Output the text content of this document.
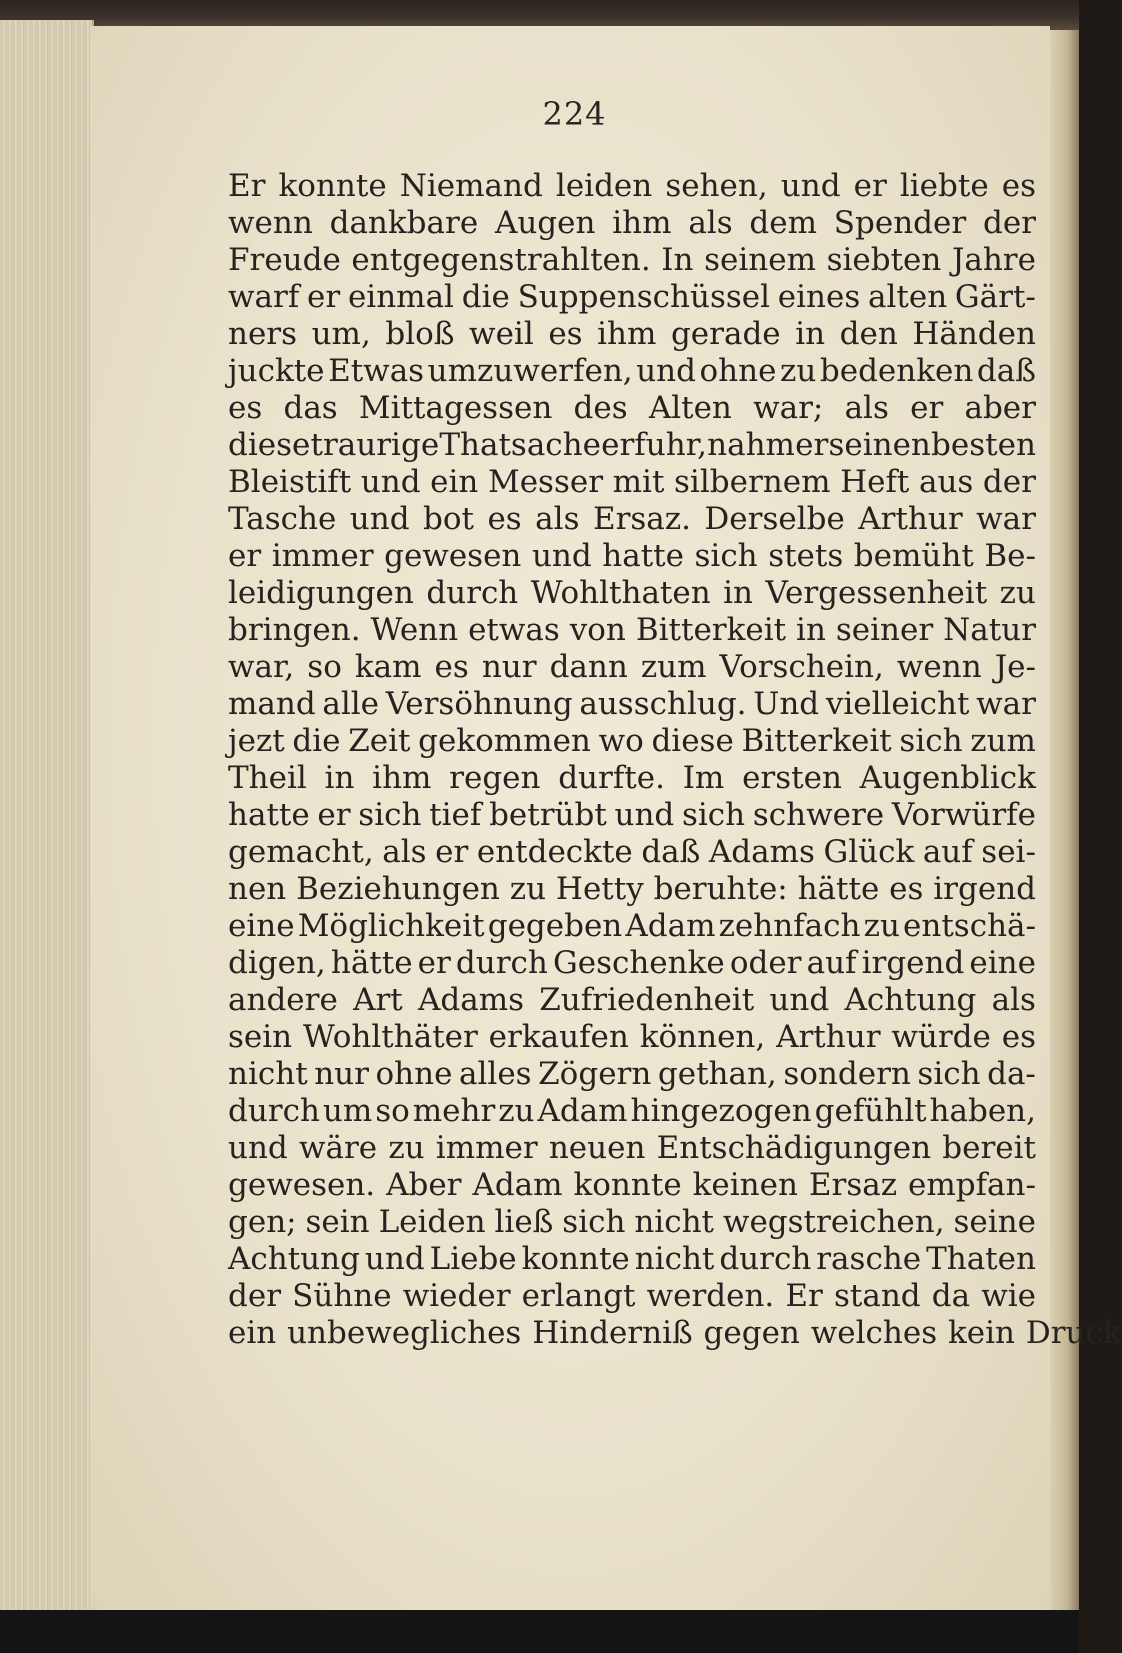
224
Er konnte Niemand leiden sehen, und er liebte es
wenn dankbare Augen ihm als dem Spender der
Freude entgegenstrahlten. In seinem siebten Jahre
warf er einmal die Suppenschüssel eines alten Gärt-
ners um, bloß weil es ihm gerade in den Händen
juckte Etwas umzuwerfen, und ohne zu bedenken daß
es das Mittagessen des Alten war; als er aber
diese traurige Thatsache erfuhr, nahm er seinen besten
Bleistift und ein Messer mit silbernem Heft aus der
Tasche und bot es als Ersaz. Derselbe Arthur war
er immer gewesen und hatte sich stets bemüht Be-
leidigungen durch Wohlthaten in Vergessenheit zu
bringen. Wenn etwas von Bitterkeit in seiner Natur
war, so kam es nur dann zum Vorschein, wenn Je-
mand alle Versöhnung ausschlug. Und vielleicht war
jezt die Zeit gekommen wo diese Bitterkeit sich zum
Theil in ihm regen durfte. Im ersten Augenblick
hatte er sich tief betrübt und sich schwere Vorwürfe
gemacht, als er entdeckte daß Adams Glück auf sei-
nen Beziehungen zu Hetty beruhte: hätte es irgend
eine Möglichkeit gegeben Adam zehnfach zu entschä-
digen, hätte er durch Geschenke oder auf irgend eine
andere Art Adams Zufriedenheit und Achtung als
sein Wohlthäter erkaufen können, Arthur würde es
nicht nur ohne alles Zögern gethan, sondern sich da-
durch um so mehr zu Adam hingezogen gefühlt haben,
und wäre zu immer neuen Entschädigungen bereit
gewesen. Aber Adam konnte keinen Ersaz empfan-
gen; sein Leiden ließ sich nicht wegstreichen, seine
Achtung und Liebe konnte nicht durch rasche Thaten
der Sühne wieder erlangt werden. Er stand da wie
ein unbewegliches Hinderniß gegen welches kein Druck
